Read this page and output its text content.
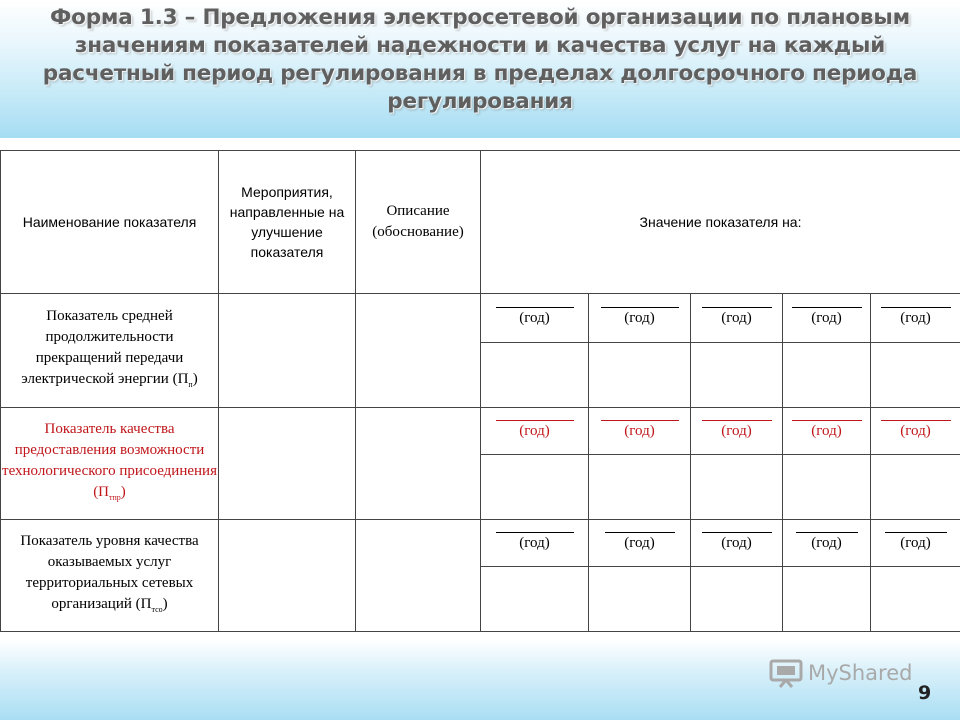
Форма 1.3 – Предложения электросетевой организации по плановым значениям показателей надежности и качества услуг на каждый расчетный период регулирования в пределах долгосрочного периода регулирования
Наименование показателя	Мероприятия, направленные на улучшение показателя	Описание (обоснование)	Значение показателя на:				
Показатель средней продолжительности прекращений передачи электрической энергии $(П_п)$			(год)	(год)	(год)	(год)	(год)

Показатель качества предоставления возможности технологического присоединения $(П_{тпр})$			(год)	(год)	(год)	(год)	(год)

Показатель уровня качества оказываемых услуг территориальных сетевых организаций $(П_{тсо})$			(год)	(год)	(год)	(год)	(год)

MyShared
9
